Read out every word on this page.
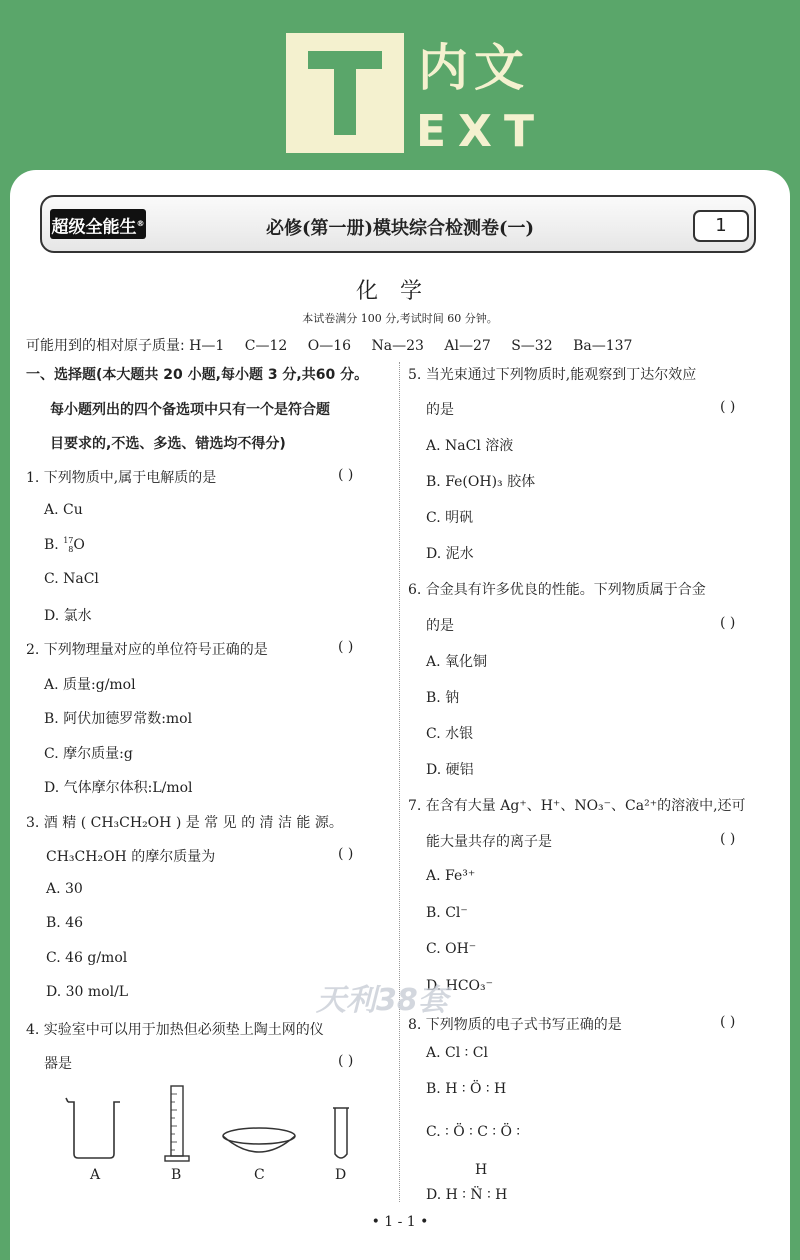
内文
EXT
超级全能生®	必修(第一册)模块综合检测卷(一)	1
化学
本试卷满分 100 分,考试时间 60 分钟。
可能用到的相对原子质量: H—1 C—12 O—16 Na—23 Al—27 S—32 Ba—137
一、选择题(本大题共 20 小题,每小题 3 分,共60 分。
每小题列出的四个备选项中只有一个是符合题
目要求的,不选、多选、错选均不得分)
1. 下列物质中,属于电解质的是	( )
A. Cu
B. 17
8O
C. NaCl
D. 氯水
2. 下列物理量对应的单位符号正确的是	( )
A. 质量:g/mol
B. 阿伏加德罗常数:mol
C. 摩尔质量:g
D. 气体摩尔体积:L/mol
3. 酒 精 ( CH₃CH₂OH ) 是 常 见 的 清 洁 能 源。
CH₃CH₂OH 的摩尔质量为	( )
A. 30
B. 46
C. 46 g/mol
D. 30 mol/L
4. 实验室中可以用于加热但必须垫上陶土网的仪
器是	( )
A	B	C	D
5. 当光束通过下列物质时,能观察到丁达尔效应
的是	( )
A. NaCl 溶液
B. Fe(OH)₃ 胶体
C. 明矾
D. 泥水
6. 合金具有许多优良的性能。下列物质属于合金
的是	( )
A. 氧化铜
B. 钠
C. 水银
D. 硬铝
7. 在含有大量 Ag⁺、H⁺、NO₃⁻、Ca²⁺的溶液中,还可
能大量共存的离子是	( )
A. Fe³⁺
B. Cl⁻
C. OH⁻
D. HCO₃⁻
8. 下列物质的电子式书写正确的是	( )
A. Cl ∶ Cl
B. H ∶ Ö ∶ H
C. ∶ Ö ∶ C ∶ Ö ∶
H
D. H ∶ N̈ ∶ H
天利38套
• 1 - 1 •
